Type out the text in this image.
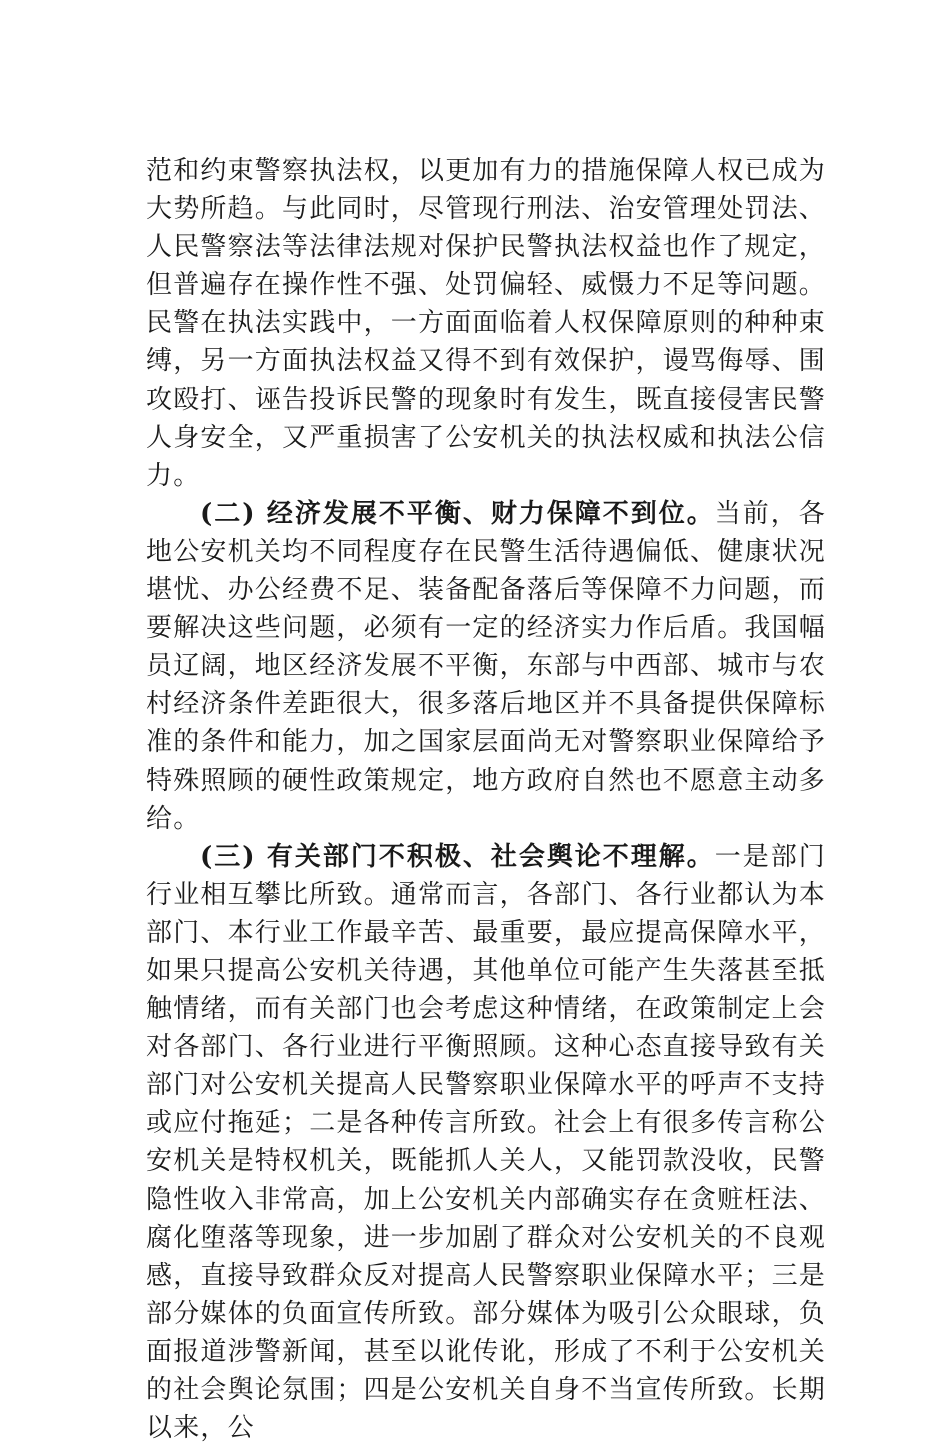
范和约束警察执法权，以更加有力的措施保障人权已成为大势所趋。与此同时，尽管现行刑法、治安管理处罚法、人民警察法等法律法规对保护民警执法权益也作了规定，但普遍存在操作性不强、处罚偏轻、威慑力不足等问题。民警在执法实践中，一方面面临着人权保障原则的种种束缚，另一方面执法权益又得不到有效保护，谩骂侮辱、围攻殴打、诬告投诉民警的现象时有发生，既直接侵害民警人身安全，又严重损害了公安机关的执法权威和执法公信力。

(二) 经济发展不平衡、财力保障不到位。当前，各地公安机关均不同程度存在民警生活待遇偏低、健康状况堪忧、办公经费不足、装备配备落后等保障不力问题，而要解决这些问题，必须有一定的经济实力作后盾。我国幅员辽阔，地区经济发展不平衡，东部与中西部、城市与农村经济条件差距很大，很多落后地区并不具备提供保障标准的条件和能力，加之国家层面尚无对警察职业保障给予特殊照顾的硬性政策规定，地方政府自然也不愿意主动多给。

(三) 有关部门不积极、社会舆论不理解。一是部门行业相互攀比所致。通常而言，各部门、各行业都认为本部门、本行业工作最辛苦、最重要，最应提高保障水平，如果只提高公安机关待遇，其他单位可能产生失落甚至抵触情绪，而有关部门也会考虑这种情绪，在政策制定上会对各部门、各行业进行平衡照顾。这种心态直接导致有关部门对公安机关提高人民警察职业保障水平的呼声不支持或应付拖延；二是各种传言所致。社会上有很多传言称公安机关是特权机关，既能抓人关人，又能罚款没收，民警隐性收入非常高，加上公安机关内部确实存在贪赃枉法、腐化堕落等现象，进一步加剧了群众对公安机关的不良观感，直接导致群众反对提高人民警察职业保障水平；三是部分媒体的负面宣传所致。部分媒体为吸引公众眼球，负面报道涉警新闻，甚至以讹传讹，形成了不利于公安机关的社会舆论氛围；四是公安机关自身不当宣传所致。长期以来，公
